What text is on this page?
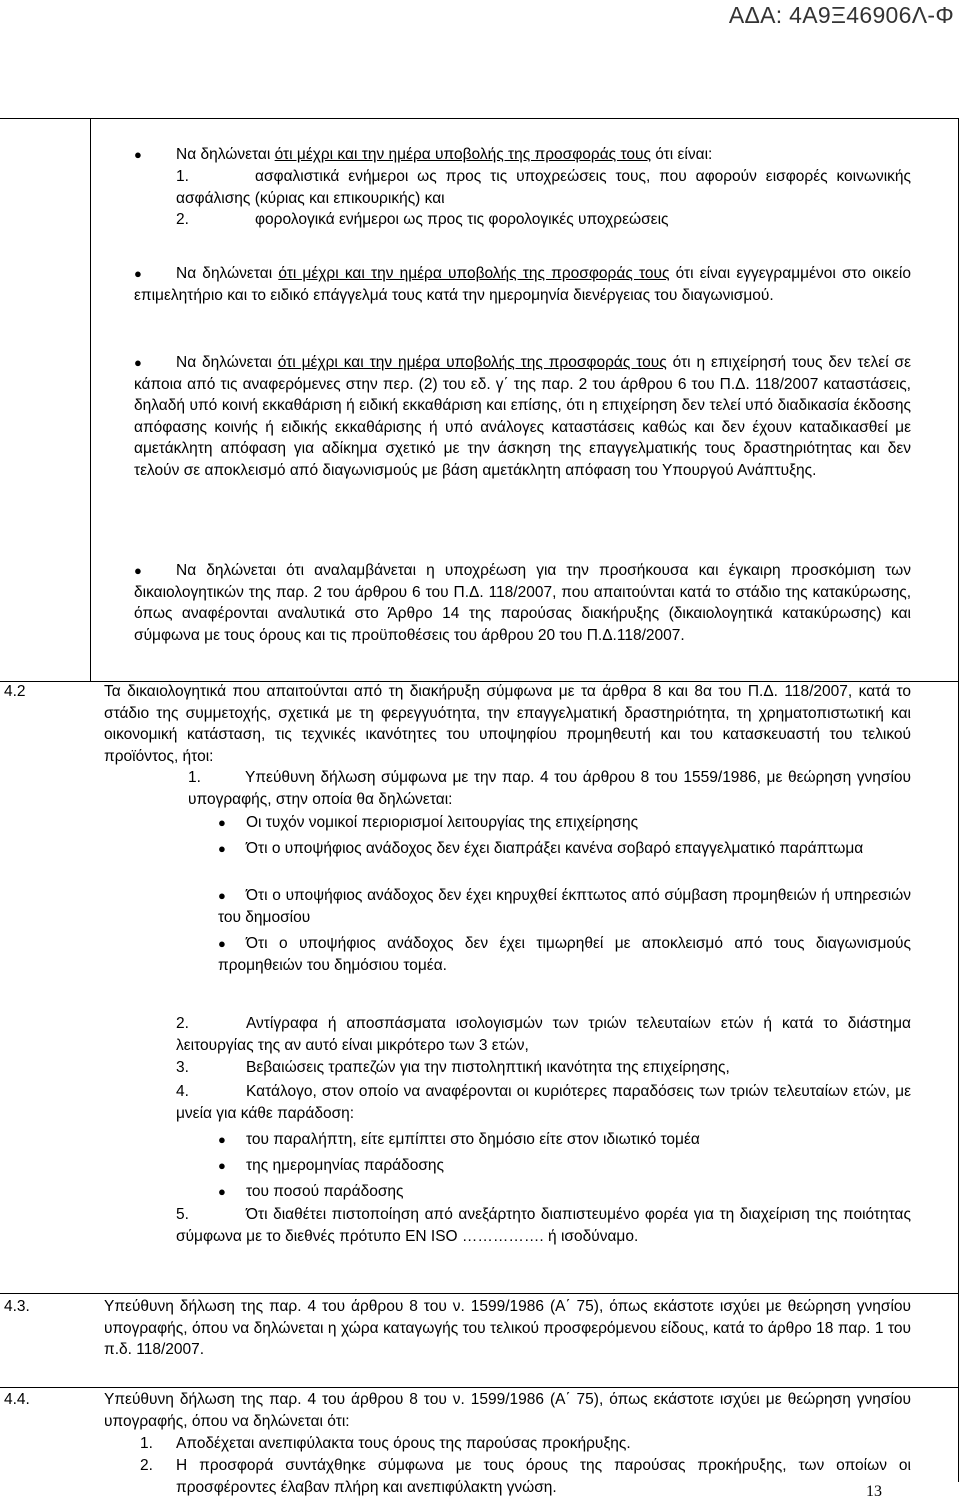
ΑΔΑ: 4Α9Ξ46906Λ-Φ
● Να δηλώνεται ότι μέχρι και την ημέρα υποβολής της προσφοράς τους ότι είναι:
1.	ασφαλιστικά ενήμεροι ως προς τις υποχρεώσεις τους, που αφορούν εισφορές κοινωνικής ασφάλισης (κύριας και επικουρικής) και
2.	φορολογικά ενήμεροι ως προς τις φορολογικές υποχρεώσεις
●	Να δηλώνεται ότι μέχρι και την ημέρα υποβολής της προσφοράς τους ότι είναι εγγεγραμμένοι στο οικείο επιμελητήριο και το ειδικό επάγγελμά τους κατά την ημερομηνία διενέργειας του διαγωνισμού.
●	Να δηλώνεται ότι μέχρι και την ημέρα υποβολής της προσφοράς τους ότι η επιχείρησή τους δεν τελεί σε κάποια από τις αναφερόμενες στην περ. (2) του εδ. γ΄ της παρ. 2 του άρθρου 6 του Π.Δ. 118/2007 καταστάσεις, δηλαδή υπό κοινή εκκαθάριση ή ειδική εκκαθάριση και επίσης, ότι η επιχείρηση δεν τελεί υπό διαδικασία έκδοσης απόφασης κοινής ή ειδικής εκκαθάρισης ή υπό ανάλογες καταστάσεις καθώς και δεν έχουν καταδικασθεί με αμετάκλητη απόφαση για αδίκημα σχετικό με την άσκηση της επαγγελματικής τους δραστηριότητας και δεν τελούν σε αποκλεισμό από διαγωνισμούς με βάση αμετάκλητη απόφαση του Υπουργού Ανάπτυξης.
●	Να δηλώνεται ότι αναλαμβάνεται η υποχρέωση για την προσήκουσα και έγκαιρη προσκόμιση των δικαιολογητικών της παρ. 2 του άρθρου 6 του Π.Δ. 118/2007, που απαιτούνται κατά το στάδιο της κατακύρωσης, όπως αναφέρονται αναλυτικά στο Άρθρο 14 της παρούσας διακήρυξης (δικαιολογητικά κατακύρωσης) και σύμφωνα με τους όρους και τις προϋποθέσεις του άρθρου 20 του Π.Δ.118/2007.
4.2	Τα δικαιολογητικά που απαιτούνται από τη διακήρυξη σύμφωνα με τα άρθρα 8 και 8α του Π.Δ. 118/2007, κατά το στάδιο της συμμετοχής, σχετικά με τη φερεγγυότητα, την επαγγελματική δραστηριότητα, τη χρηματοπιστωτική και οικονομική κατάσταση, τις τεχνικές ικανότητες του υποψηφίου προμηθευτή και του κατασκευαστή του τελικού προϊόντος, ήτοι:
1.	Υπεύθυνη δήλωση σύμφωνα με την παρ. 4 του άρθρου 8 του 1559/1986, με θεώρηση γνησίου υπογραφής, στην οποία θα δηλώνεται:
●	Οι τυχόν νομικοί περιορισμοί λειτουργίας της επιχείρησης
●	Ότι ο υποψήφιος ανάδοχος δεν έχει διαπράξει κανένα σοβαρό επαγγελματικό παράπτωμα
●	Ότι ο υποψήφιος ανάδοχος δεν έχει κηρυχθεί έκπτωτος από σύμβαση προμηθειών ή υπηρεσιών του δημοσίου
●	Ότι ο υποψήφιος ανάδοχος δεν έχει τιμωρηθεί με αποκλεισμό από τους διαγωνισμούς προμηθειών του δημόσιου τομέα.
2.	Αντίγραφα ή αποσπάσματα ισολογισμών των τριών τελευταίων ετών ή κατά το διάστημα λειτουργίας της αν αυτό είναι μικρότερο των 3 ετών,
3.	Βεβαιώσεις τραπεζών για την πιστοληπτική ικανότητα της επιχείρησης,
4.	Κατάλογο, στον οποίο να αναφέρονται οι κυριότερες παραδόσεις των τριών τελευταίων ετών, με μνεία για κάθε παράδοση:
● του παραλήπτη, είτε εμπίπτει στο δημόσιο είτε στον ιδιωτικό τομέα
● της ημερομηνίας παράδοσης
● του ποσού παράδοσης
5.	Ότι διαθέτει πιστοποίηση από ανεξάρτητο διαπιστευμένο φορέα για τη διαχείριση της ποιότητας σύμφωνα με το διεθνές πρότυπο EN ISO ……………. ή ισοδύναμο.
4.3.	Υπεύθυνη δήλωση της παρ. 4 του άρθρου 8 του ν. 1599/1986 (Α΄ 75), όπως εκάστοτε ισχύει με θεώρηση γνησίου υπογραφής, όπου να δηλώνεται η χώρα καταγωγής του τελικού προσφερόμενου είδους, κατά το άρθρο 18 παρ. 1 του π.δ. 118/2007.
4.4.	Υπεύθυνη δήλωση της παρ. 4 του άρθρου 8 του ν. 1599/1986 (Α΄ 75), όπως εκάστοτε ισχύει με θεώρηση γνησίου υπογραφής, όπου να δηλώνεται ότι:
1. Αποδέχεται ανεπιφύλακτα τους όρους της παρούσας προκήρυξης.
2. Η προσφορά συντάχθηκε σύμφωνα με τους όρους της παρούσας προκήρυξης, των οποίων οι προσφέροντες έλαβαν πλήρη και ανεπιφύλακτη γνώση.	13
